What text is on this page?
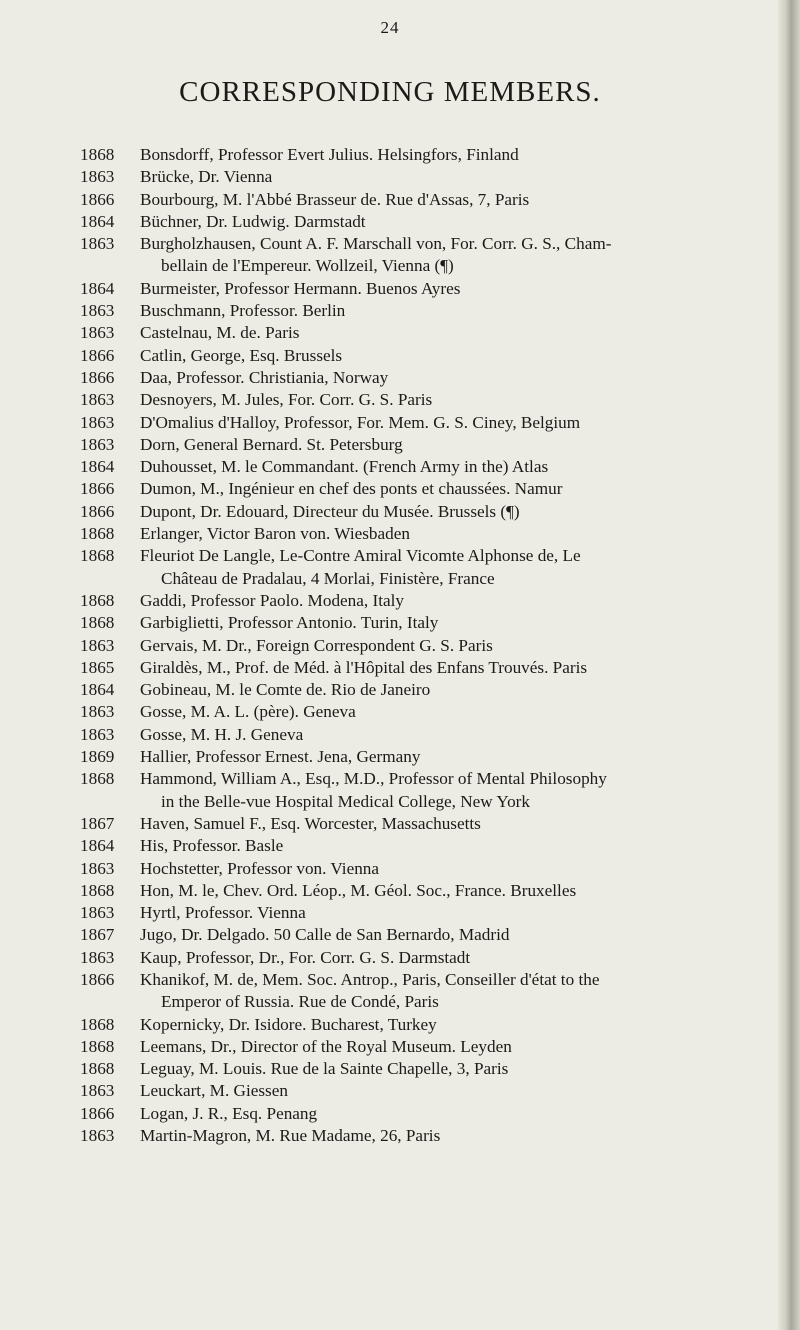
24
CORRESPONDING MEMBERS.
1868	Bonsdorff, Professor Evert Julius. Helsingfors, Finland
1863	Brücke, Dr. Vienna
1866	Bourbourg, M. l'Abbé Brasseur de. Rue d'Assas, 7, Paris
1864	Büchner, Dr. Ludwig. Darmstadt
1863	Burgholzhausen, Count A. F. Marschall von, For. Corr. G. S., Cham-
bellain de l'Empereur. Wollzeil, Vienna (¶)
1864	Burmeister, Professor Hermann. Buenos Ayres
1863	Buschmann, Professor. Berlin
1863	Castelnau, M. de. Paris
1866	Catlin, George, Esq. Brussels
1866	Daa, Professor. Christiania, Norway
1863	Desnoyers, M. Jules, For. Corr. G. S. Paris
1863	D'Omalius d'Halloy, Professor, For. Mem. G. S. Ciney, Belgium
1863	Dorn, General Bernard. St. Petersburg
1864	Duhousset, M. le Commandant. (French Army in the) Atlas
1866	Dumon, M., Ingénieur en chef des ponts et chaussées. Namur
1866	Dupont, Dr. Edouard, Directeur du Musée. Brussels (¶)
1868	Erlanger, Victor Baron von. Wiesbaden
1868	Fleuriot De Langle, Le-Contre Amiral Vicomte Alphonse de, Le
Château de Pradalau, 4 Morlai, Finistère, France
1868	Gaddi, Professor Paolo. Modena, Italy
1868	Garbiglietti, Professor Antonio. Turin, Italy
1863	Gervais, M. Dr., Foreign Correspondent G. S. Paris
1865	Giraldès, M., Prof. de Méd. à l'Hôpital des Enfans Trouvés. Paris
1864	Gobineau, M. le Comte de. Rio de Janeiro
1863	Gosse, M. A. L. (père). Geneva
1863	Gosse, M. H. J. Geneva
1869	Hallier, Professor Ernest. Jena, Germany
1868	Hammond, William A., Esq., M.D., Professor of Mental Philosophy
in the Belle-vue Hospital Medical College, New York
1867	Haven, Samuel F., Esq. Worcester, Massachusetts
1864	His, Professor. Basle
1863	Hochstetter, Professor von. Vienna
1868	Hon, M. le, Chev. Ord. Léop., M. Géol. Soc., France. Bruxelles
1863	Hyrtl, Professor. Vienna
1867	Jugo, Dr. Delgado. 50 Calle de San Bernardo, Madrid
1863	Kaup, Professor, Dr., For. Corr. G. S. Darmstadt
1866	Khanikof, M. de, Mem. Soc. Antrop., Paris, Conseiller d'état to the
Emperor of Russia. Rue de Condé, Paris
1868	Kopernicky, Dr. Isidore. Bucharest, Turkey
1868	Leemans, Dr., Director of the Royal Museum. Leyden
1868	Leguay, M. Louis. Rue de la Sainte Chapelle, 3, Paris
1863	Leuckart, M. Giessen
1866	Logan, J. R., Esq. Penang
1863	Martin-Magron, M. Rue Madame, 26, Paris
